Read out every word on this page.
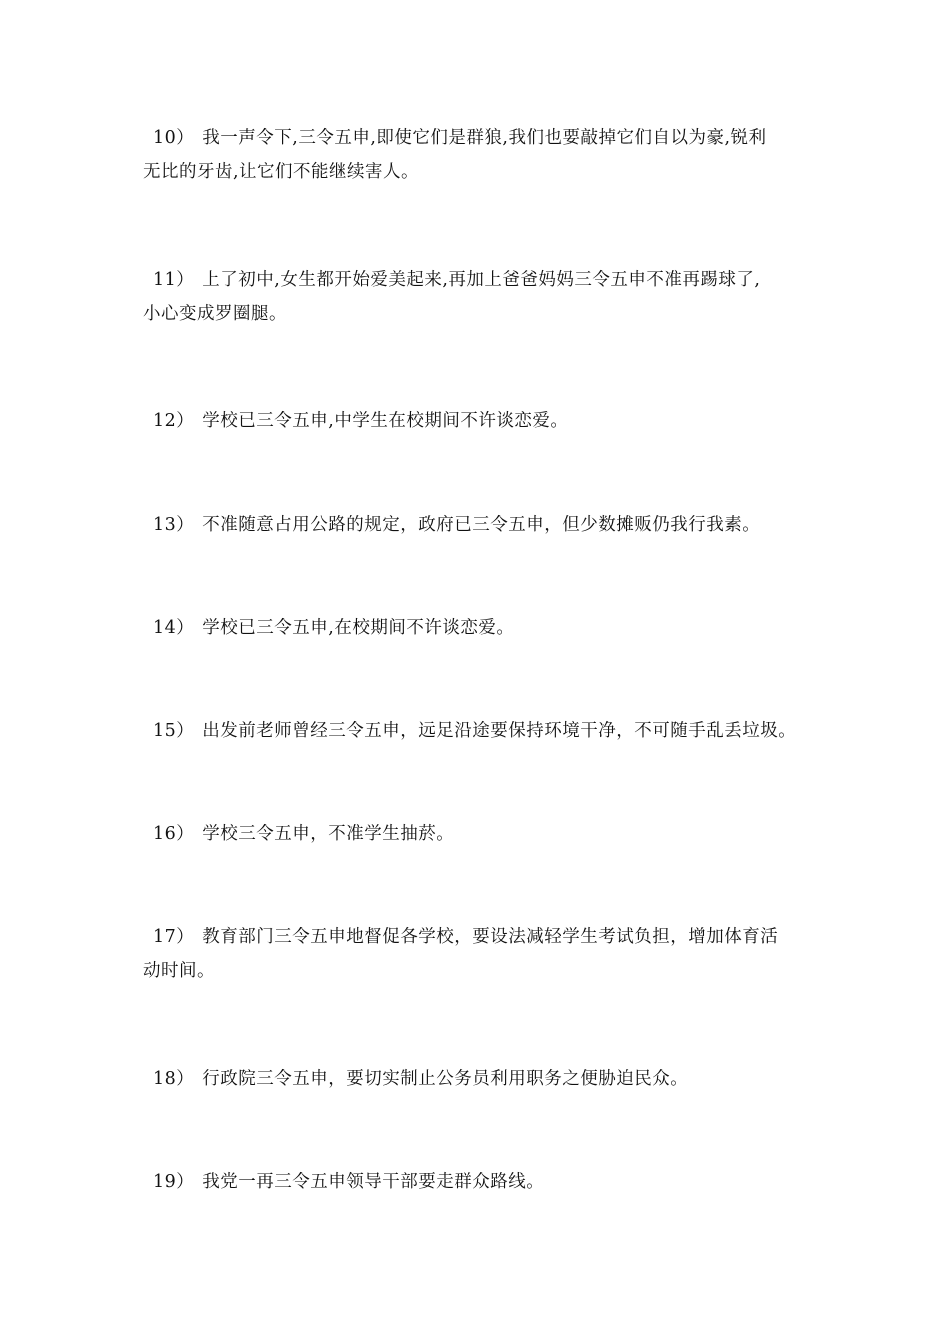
10） 我一声令下,三令五申,即使它们是群狼,我们也要敲掉它们自以为豪,锐利
无比的牙齿,让它们不能继续害人。

11） 上了初中,女生都开始爱美起来,再加上爸爸妈妈三令五申不准再踢球了,
小心变成罗圈腿。

12） 学校已三令五申,中学生在校期间不许谈恋爱。

13） 不准随意占用公路的规定，政府已三令五申，但少数摊贩仍我行我素。

14） 学校已三令五申,在校期间不许谈恋爱。

15） 出发前老师曾经三令五申，远足沿途要保持环境干净，不可随手乱丢垃圾。

16） 学校三令五申，不准学生抽菸。

17） 教育部门三令五申地督促各学校，要设法减轻学生考试负担，增加体育活
动时间。

18） 行政院三令五申，要切实制止公务员利用职务之便胁迫民众。

19） 我党一再三令五申领导干部要走群众路线。
